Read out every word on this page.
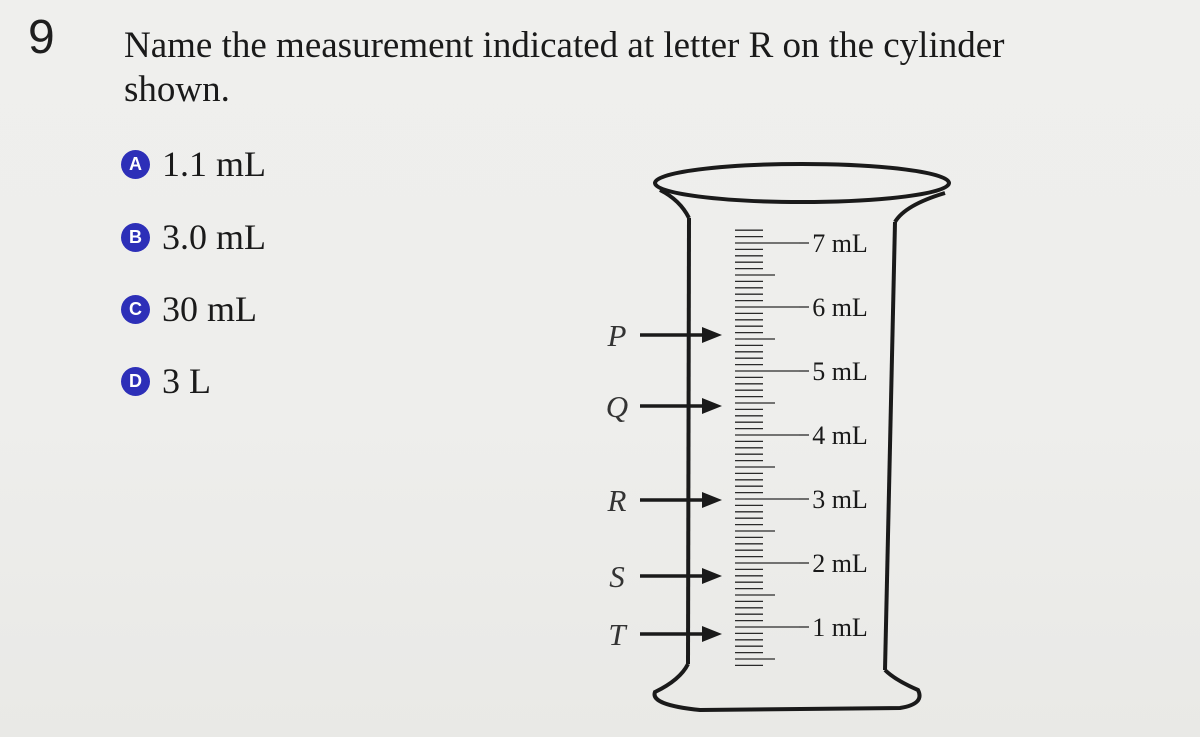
9 Name the measurement indicated at letter R on the cylinder shown.
A 1.1 mL
B 3.0 mL
C 30 mL
D 3 L
7 mL
6 mL
5 mL
4 mL
3 mL
2 mL
1 mL
P
Q
R
S
T
